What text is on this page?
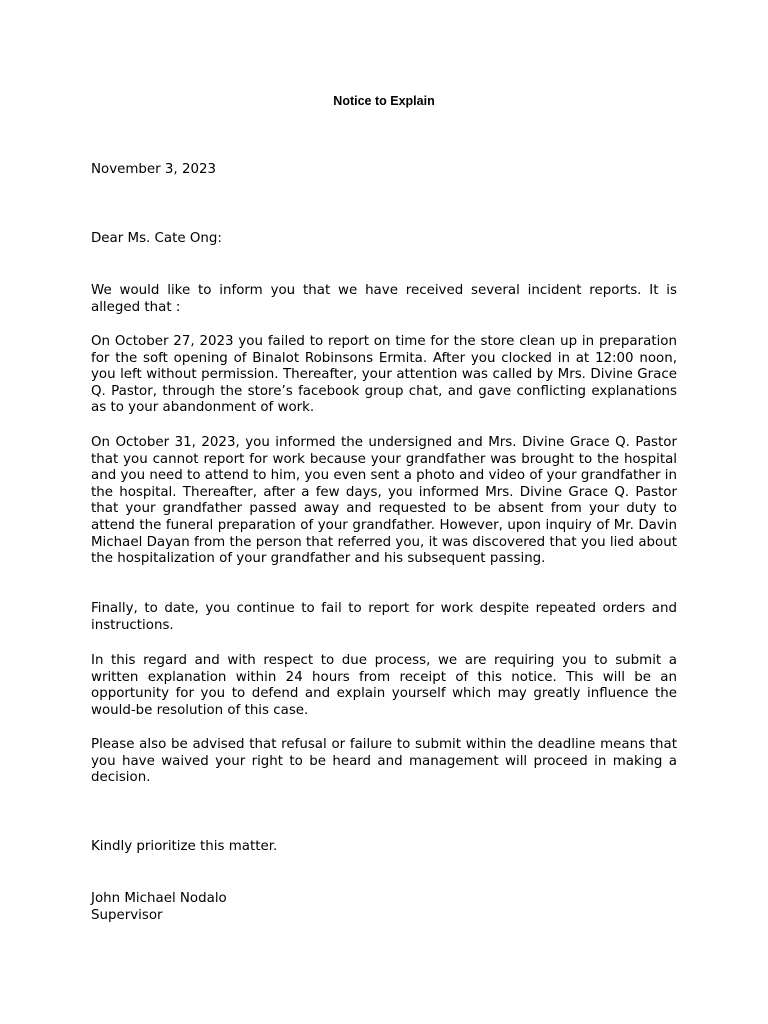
Notice to Explain

November 3, 2023

Dear Ms. Cate Ong:

We would like to inform you that we have received several incident reports. It is alleged that :

On October 27, 2023 you failed to report on time for the store clean up in preparation for the soft opening of Binalot Robinsons Ermita. After you clocked in at 12:00 noon, you left without permission. Thereafter, your attention was called by Mrs. Divine Grace Q. Pastor, through the store’s facebook group chat, and gave conflicting explanations as to your abandonment of work.

On October 31, 2023, you informed the undersigned and Mrs. Divine Grace Q. Pastor that you cannot report for work because your grandfather was brought to the hospital and you need to attend to him, you even sent a photo and video of your grandfather in the hospital. Thereafter, after a few days, you informed Mrs. Divine Grace Q. Pastor that your grandfather passed away and requested to be absent from your duty to attend the funeral preparation of your grandfather. However, upon inquiry of Mr. Davin Michael Dayan from the person that referred you, it was discovered that you lied about the hospitalization of your grandfather and his subsequent passing.

Finally, to date, you continue to fail to report for work despite repeated orders and instructions.

In this regard and with respect to due process, we are requiring you to submit a written explanation within 24 hours from receipt of this notice. This will be an opportunity for you to defend and explain yourself which may greatly influence the would-be resolution of this case.

Please also be advised that refusal or failure to submit within the deadline means that you have waived your right to be heard and management will proceed in making a decision.

Kindly prioritize this matter.

John Michael Nodalo
Supervisor
